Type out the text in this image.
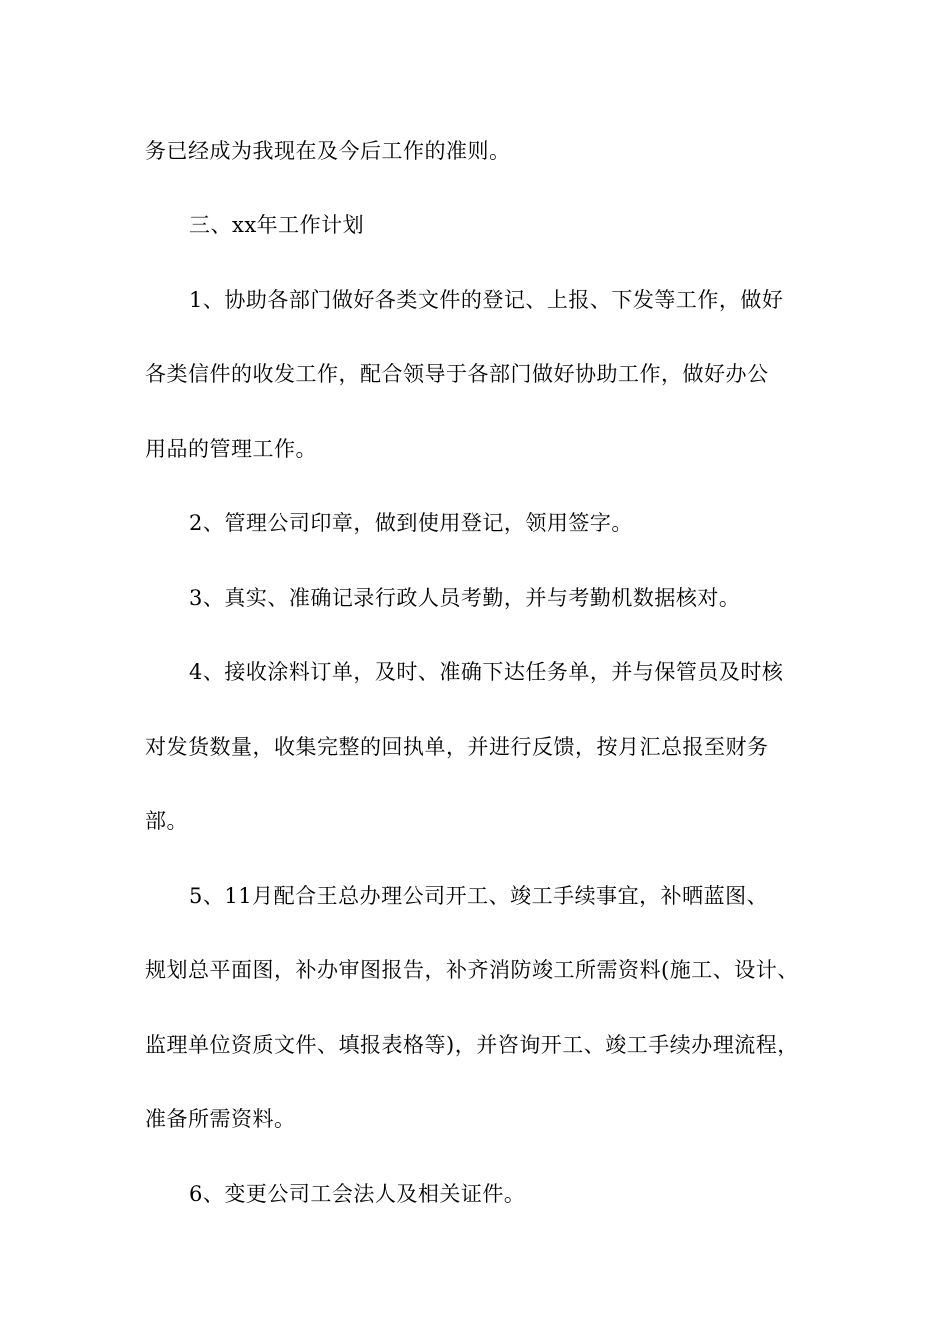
务已经成为我现在及今后工作的准则。
三、xx年工作计划
1、协助各部门做好各类文件的登记、上报、下发等工作，做好
各类信件的收发工作，配合领导于各部门做好协助工作，做好办公
用品的管理工作。
2、管理公司印章，做到使用登记，领用签字。
3、真实、准确记录行政人员考勤，并与考勤机数据核对。
4、接收涂料订单，及时、准确下达任务单，并与保管员及时核
对发货数量，收集完整的回执单，并进行反馈，按月汇总报至财务
部。
5、11月配合王总办理公司开工、竣工手续事宜，补晒蓝图、
规划总平面图，补办审图报告，补齐消防竣工所需资料(施工、设计、
监理单位资质文件、填报表格等)，并咨询开工、竣工手续办理流程，
准备所需资料。
6、变更公司工会法人及相关证件。
